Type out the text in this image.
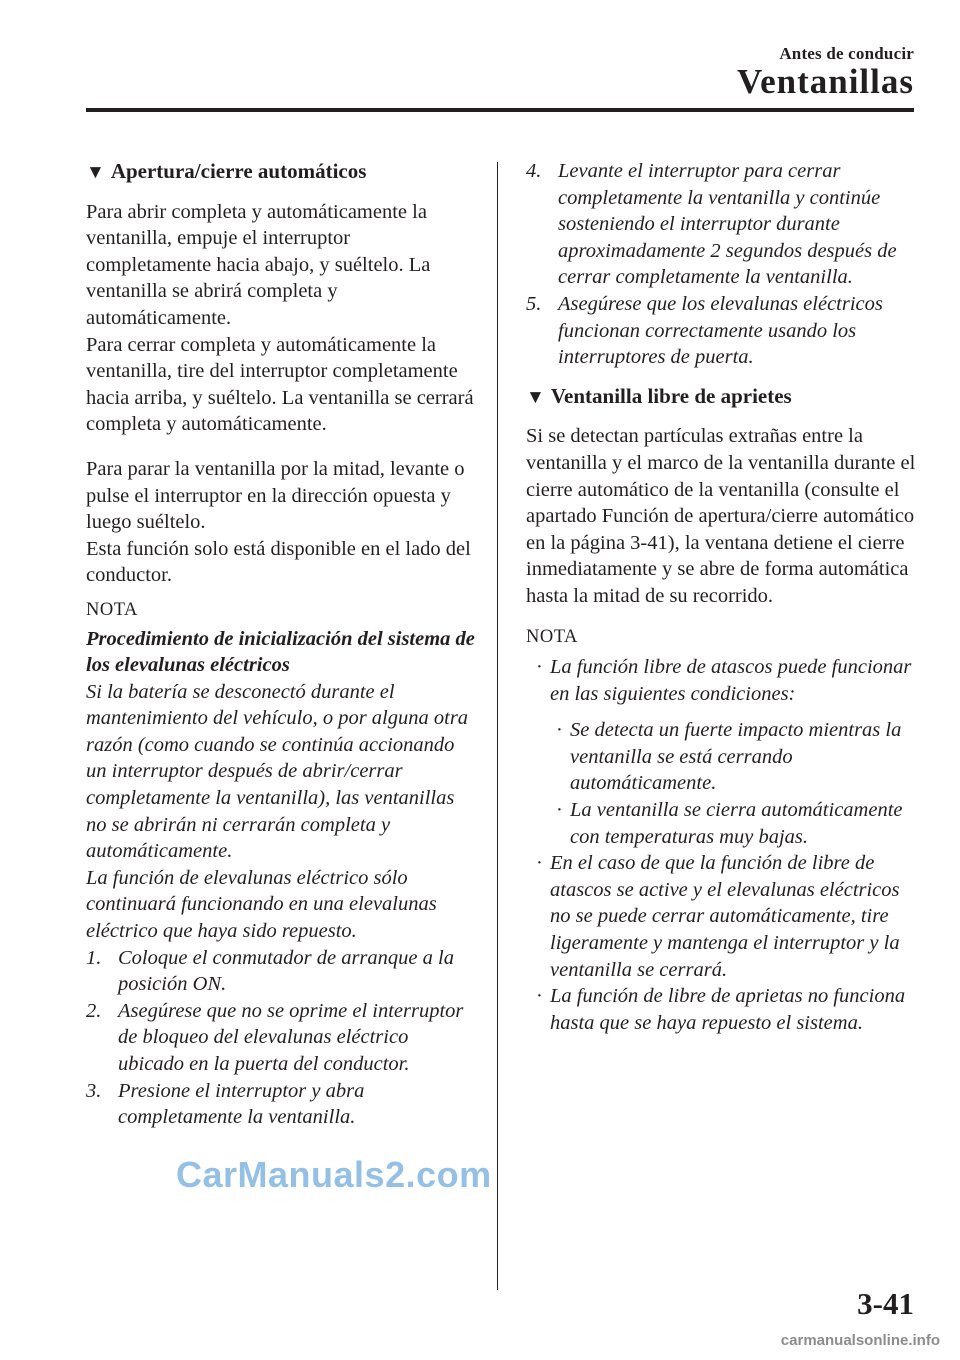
Antes de conducir
Ventanillas
▼ Apertura/cierre automáticos

Para abrir completa y automáticamente la ventanilla, empuje el interruptor completamente hacia abajo, y suéltelo. La ventanilla se abrirá completa y automáticamente.

Para cerrar completa y automáticamente la ventanilla, tire del interruptor completamente hacia arriba, y suéltelo. La ventanilla se cerrará completa y automáticamente.

Para parar la ventanilla por la mitad, levante o pulse el interruptor en la dirección opuesta y luego suéltelo.

Esta función solo está disponible en el lado del conductor.

NOTA

Procedimiento de inicialización del sistema de los elevalunas eléctricos

Si la batería se desconectó durante el mantenimiento del vehículo, o por alguna otra razón (como cuando se continúa accionando un interruptor después de abrir/cerrar completamente la ventanilla), las ventanillas no se abrirán ni cerrarán completa y automáticamente.

La función de elevalunas eléctrico sólo continuará funcionando en una elevalunas eléctrico que haya sido repuesto.

1. Coloque el conmutador de arranque a la posición ON.
2. Asegúrese que no se oprime el interruptor de bloqueo del elevalunas eléctrico ubicado en la puerta del conductor.
3. Presione el interruptor y abra completamente la ventanilla.
4. Levante el interruptor para cerrar completamente la ventanilla y continúe sosteniendo el interruptor durante aproximadamente 2 segundos después de cerrar completamente la ventanilla.
5. Asegúrese que los elevalunas eléctricos funcionan correctamente usando los interruptores de puerta.
▼ Ventanilla libre de aprietes

Si se detectan partículas extrañas entre la ventanilla y el marco de la ventanilla durante el cierre automático de la ventanilla (consulte el apartado Función de apertura/cierre automático en la página 3-41), la ventana detiene el cierre inmediatamente y se abre de forma automática hasta la mitad de su recorrido.

NOTA
· La función libre de atascos puede funcionar en las siguientes condiciones:
· Se detecta un fuerte impacto mientras la ventanilla se está cerrando automáticamente.
· La ventanilla se cierra automáticamente con temperaturas muy bajas.
· En el caso de que la función de libre de atascos se active y el elevalunas eléctricos no se puede cerrar automáticamente, tire ligeramente y mantenga el interruptor y la ventanilla se cerrará.
· La función de libre de aprietas no funciona hasta que se haya repuesto el sistema.
CarManuals2.com
3-41
carmanualsonline.info
